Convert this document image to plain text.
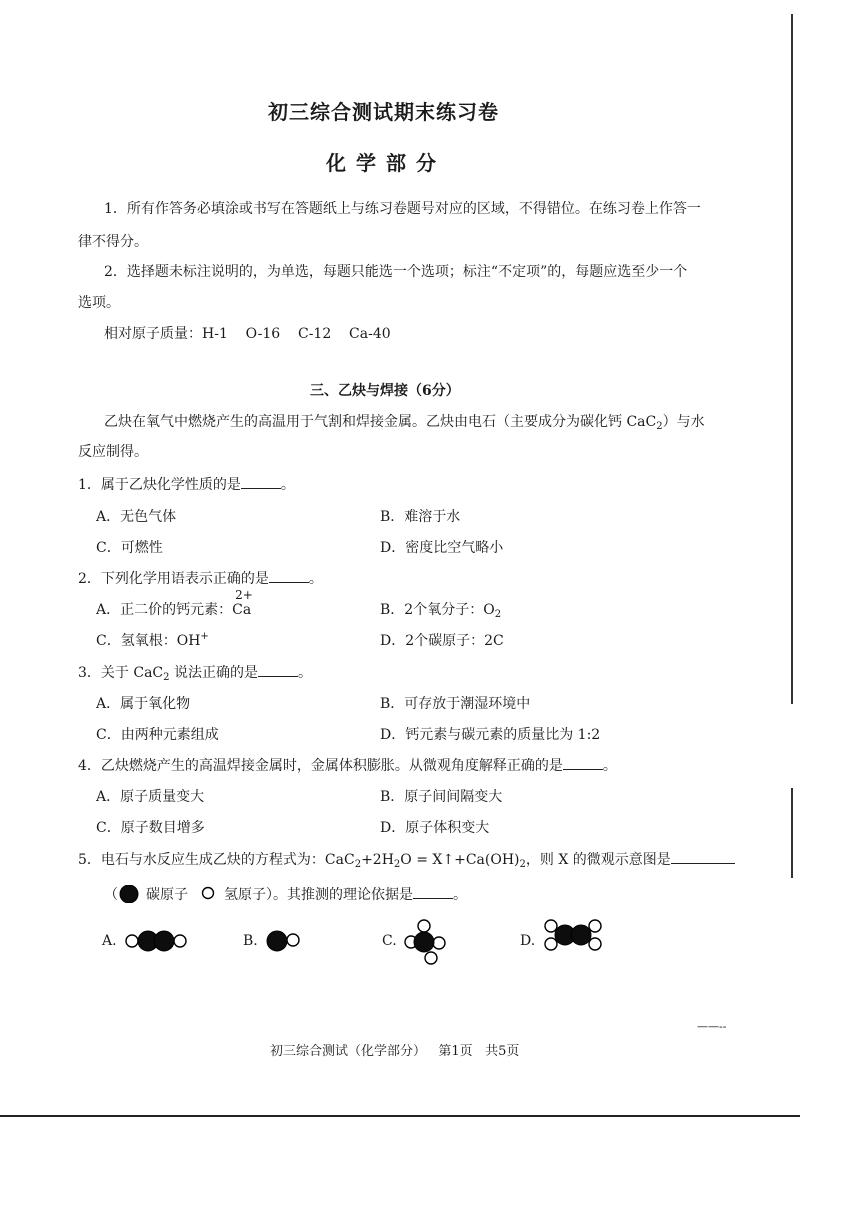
初三综合测试期末练习卷
化学部分
1．所有作答务必填涂或书写在答题纸上与练习卷题号对应的区域，不得错位。在练习卷上作答一
律不得分。
2．选择题未标注说明的，为单选，每题只能选一个选项；标注“不定项”的，每题应选至少一个
选项。
相对原子质量：H-1    O-16    C-12    Ca-40
三、乙炔与焊接（6分）
乙炔在氧气中燃烧产生的高温用于气割和焊接金属。乙炔由电石（主要成分为碳化钙 CaC$_2$）与水
反应制得。
1．属于乙炔化学性质的是	。
A．无色气体	B．难溶于水
C．可燃性	D．密度比空气略小
2．下列化学用语表示正确的是	。
A．正二价的钙元素：
2+
Ca	B．2个氧分子：$O_2$
C．氢氧根：OH+	D．2个碳原子：2C
3．关于 CaC$_2$ 说法正确的是	。
A．属于氧化物	B．可存放于潮湿环境中
C．由两种元素组成	D．钙元素与碳元素的质量比为 1:2
4．乙炔燃烧产生的高温焊接金属时，金属体积膨胀。从微观角度解释正确的是	。
A．原子质量变大	B．原子间间隔变大
C．原子数目增多	D．原子体积变大
5．电石与水反应生成乙炔的方程式为：$CaC_2+2H_2O$ = $X↑+Ca(OH)_2$，则 X 的微观示意图是
（ 碳原子	氢原子）。其推测的理论依据是	。
A.	B.	C.	D.
初三综合测试（化学部分）   第1页   共5页
——--
